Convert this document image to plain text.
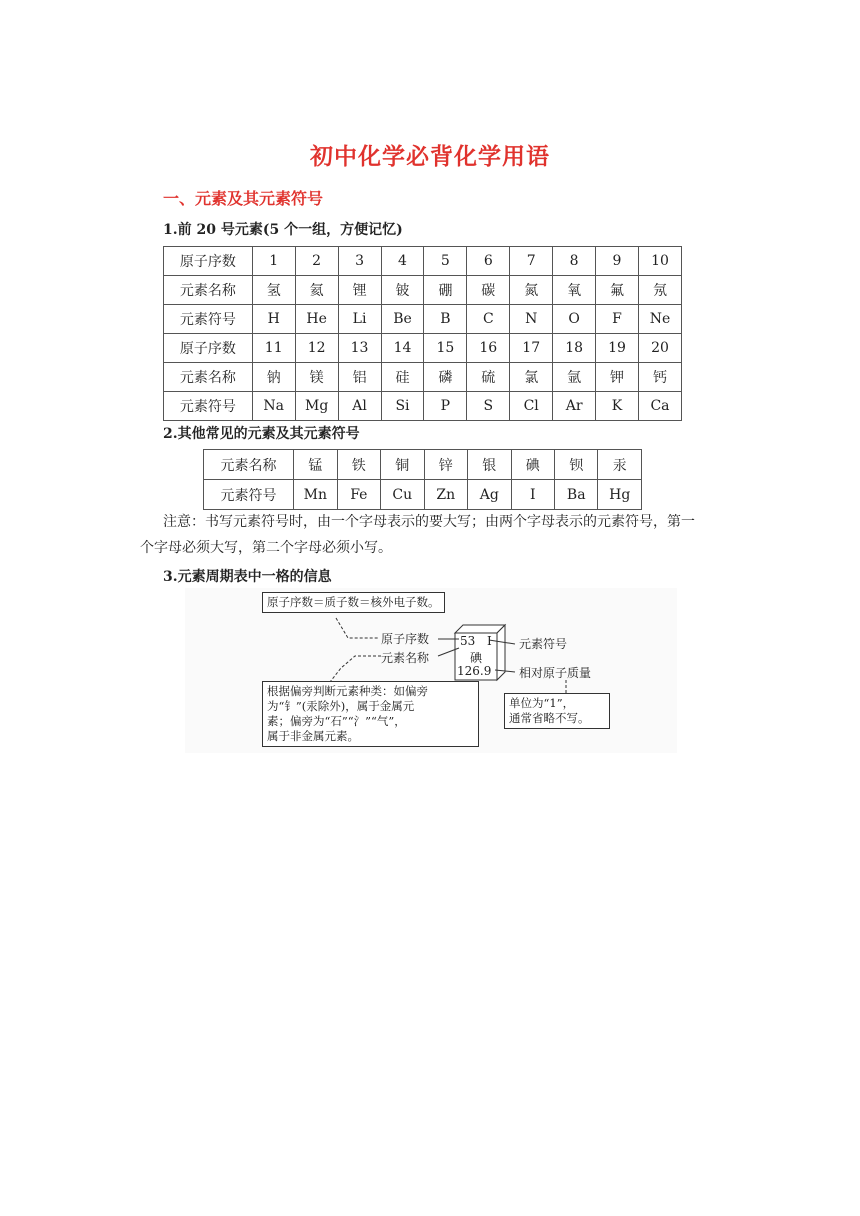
初中化学必背化学用语
一、元素及其元素符号
1.前 20 号元素(5 个一组，方便记忆)
原子序数	1	2	3	4	5	6	7	8	9	10
元素名称	氢	氦	锂	铍	硼	碳	氮	氧	氟	氖
元素符号	H	He	Li	Be	B	C	N	O	F	Ne
原子序数	11	12	13	14	15	16	17	18	19	20
元素名称	钠	镁	铝	硅	磷	硫	氯	氩	钾	钙
元素符号	Na	Mg	Al	Si	P	S	Cl	Ar	K	Ca
2.其他常见的元素及其元素符号
元素名称	锰	铁	铜	锌	银	碘	钡	汞
元素符号	Mn	Fe	Cu	Zn	Ag	I	Ba	Hg
注意：书写元素符号时，由一个字母表示的要大写；由两个字母表示的元素符号，第一
个字母必须大写，第二个字母必须小写。
3.元素周期表中一格的信息
原子序数＝质子数＝核外电子数。
原子序数
元素名称
元素符号
相对原子质量
53 I
碘
126.9
根据偏旁判断元素种类：如偏旁
为“钅”(汞除外)，属于金属元
素；偏旁为“石”“氵”“气”，
属于非金属元素。
单位为“1”，
通常省略不写。
